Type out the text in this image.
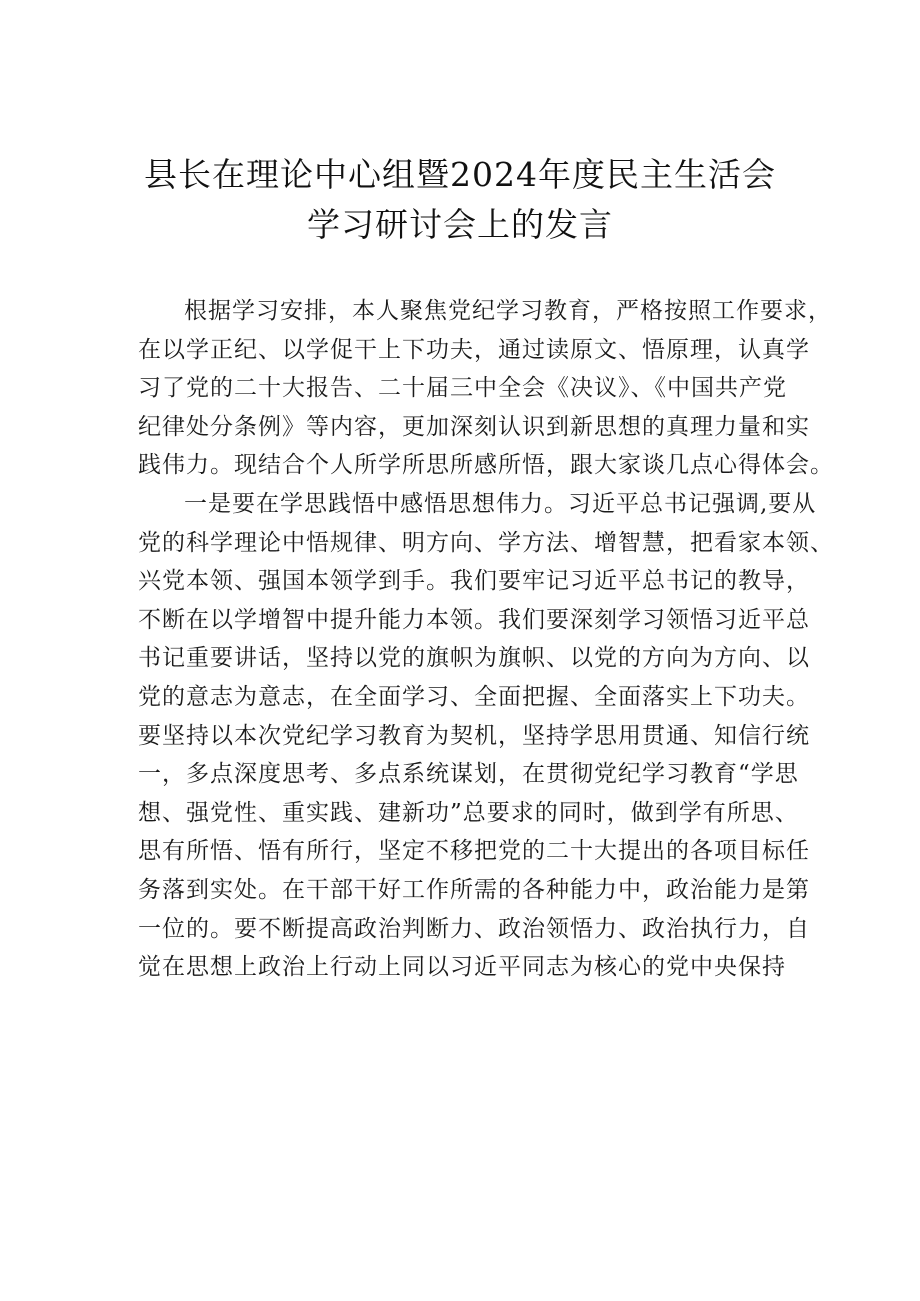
县长在理论中心组暨2024年度民主生活会
学习研讨会上的发言
根据学习安排，本人聚焦党纪学习教育，严格按照工作要求，
在以学正纪、以学促干上下功夫，通过读原文、悟原理，认真学
习了党的二十大报告、二十届三中全会《决议》、《中国共产党
纪律处分条例》等内容，更加深刻认识到新思想的真理力量和实
践伟力。现结合个人所学所思所感所悟，跟大家谈几点心得体会。
一是要在学思践悟中感悟思想伟力。习近平总书记强调,要从
党的科学理论中悟规律、明方向、学方法、增智慧，把看家本领、
兴党本领、强国本领学到手。我们要牢记习近平总书记的教导，
不断在以学增智中提升能力本领。我们要深刻学习领悟习近平总
书记重要讲话，坚持以党的旗帜为旗帜、以党的方向为方向、以
党的意志为意志，在全面学习、全面把握、全面落实上下功夫。
要坚持以本次党纪学习教育为契机，坚持学思用贯通、知信行统
一，多点深度思考、多点系统谋划，在贯彻党纪学习教育“学思
想、强党性、重实践、建新功”总要求的同时，做到学有所思、
思有所悟、悟有所行，坚定不移把党的二十大提出的各项目标任
务落到实处。在干部干好工作所需的各种能力中，政治能力是第
一位的。要不断提高政治判断力、政治领悟力、政治执行力，自
觉在思想上政治上行动上同以习近平同志为核心的党中央保持
